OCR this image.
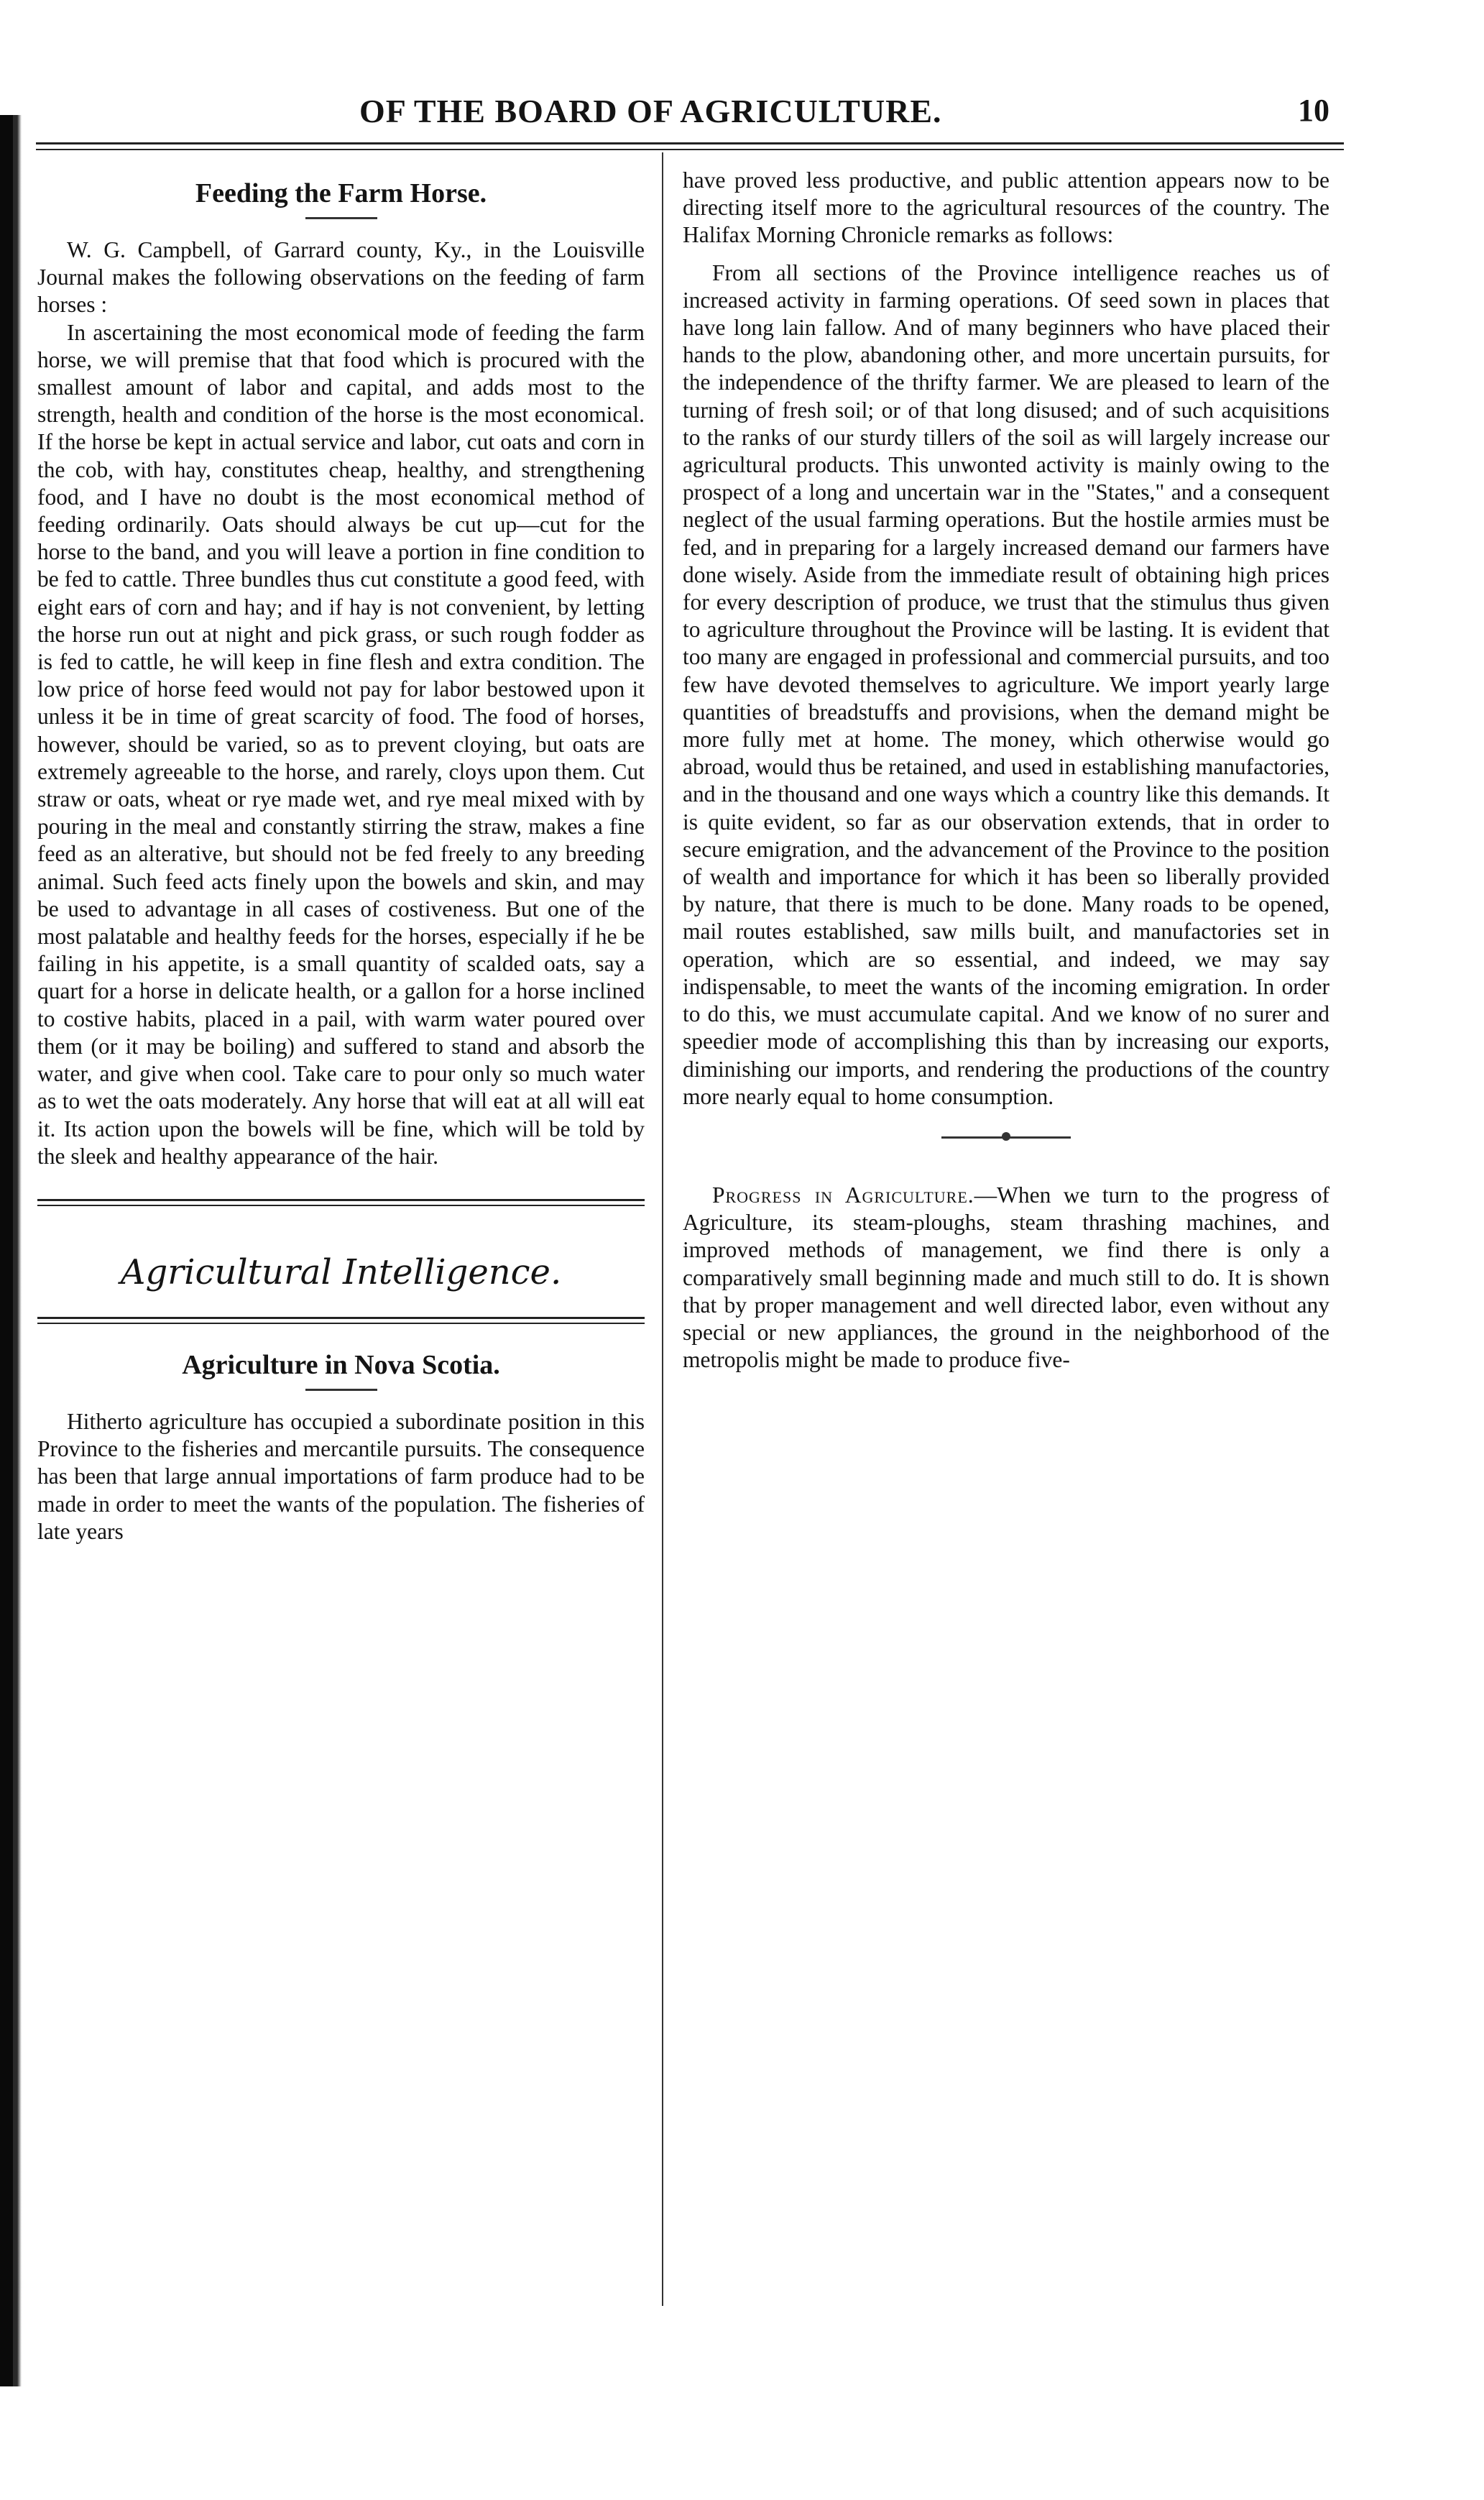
OF THE BOARD OF AGRICULTURE.	10
Feeding the Farm Horse.

W. G. Campbell, of Garrard county, Ky., in the Louisville Journal makes the following observations on the feeding of farm horses :

In ascertaining the most economical mode of feeding the farm horse, we will premise that that food which is procured with the smallest amount of labor and capital, and adds most to the strength, health and condition of the horse is the most economical. If the horse be kept in actual service and labor, cut oats and corn in the cob, with hay, constitutes cheap, healthy, and strengthening food, and I have no doubt is the most economical method of feeding ordinarily. Oats should always be cut up—cut for the horse to the band, and you will leave a portion in fine condition to be fed to cattle. Three bundles thus cut constitute a good feed, with eight ears of corn and hay; and if hay is not convenient, by letting the horse run out at night and pick grass, or such rough fodder as is fed to cattle, he will keep in fine flesh and extra condition. The low price of horse feed would not pay for labor bestowed upon it unless it be in time of great scarcity of food. The food of horses, however, should be varied, so as to prevent cloying, but oats are extremely agreeable to the horse, and rarely, cloys upon them. Cut straw or oats, wheat or rye made wet, and rye meal mixed with by pouring in the meal and constantly stirring the straw, makes a fine feed as an alterative, but should not be fed freely to any breeding animal. Such feed acts finely upon the bowels and skin, and may be used to advantage in all cases of costiveness. But one of the most palatable and healthy feeds for the horses, especially if he be failing in his appetite, is a small quantity of scalded oats, say a quart for a horse in delicate health, or a gallon for a horse inclined to costive habits, placed in a pail, with warm water poured over them (or it may be boiling) and suffered to stand and absorb the water, and give when cool. Take care to pour only so much water as to wet the oats moderately. Any horse that will eat at all will eat it. Its action upon the bowels will be fine, which will be told by the sleek and healthy appearance of the hair.

Agricultural Intelligence.
Agriculture in Nova Scotia.

Hitherto agriculture has occupied a subordinate position in this Province to the fisheries and mercantile pursuits. The consequence has been that large annual importations of farm produce had to be made in order to meet the wants of the population. The fisheries of late years

have proved less productive, and public attention appears now to be directing itself more to the agricultural resources of the country. The Halifax Morning Chronicle remarks as follows:

From all sections of the Province intelligence reaches us of increased activity in farming operations. Of seed sown in places that have long lain fallow. And of many beginners who have placed their hands to the plow, abandoning other, and more uncertain pursuits, for the independence of the thrifty farmer. We are pleased to learn of the turning of fresh soil; or of that long disused; and of such acquisitions to the ranks of our sturdy tillers of the soil as will largely increase our agricultural products. This unwonted activity is mainly owing to the prospect of a long and uncertain war in the "States," and a consequent neglect of the usual farming operations. But the hostile armies must be fed, and in preparing for a largely increased demand our farmers have done wisely. Aside from the immediate result of obtaining high prices for every description of produce, we trust that the stimulus thus given to agriculture throughout the Province will be lasting. It is evident that too many are engaged in professional and commercial pursuits, and too few have devoted themselves to agriculture. We import yearly large quantities of breadstuffs and provisions, when the demand might be more fully met at home. The money, which otherwise would go abroad, would thus be retained, and used in establishing manufactories, and in the thousand and one ways which a country like this demands. It is quite evident, so far as our observation extends, that in order to secure emigration, and the advancement of the Province to the position of wealth and importance for which it has been so liberally provided by nature, that there is much to be done. Many roads to be opened, mail routes established, saw mills built, and manufactories set in operation, which are so essential, and indeed, we may say indispensable, to meet the wants of the incoming emigration. In order to do this, we must accumulate capital. And we know of no surer and speedier mode of accomplishing this than by increasing our exports, diminishing our imports, and rendering the productions of the country more nearly equal to home consumption.

Progress in Agriculture.—When we turn to the progress of Agriculture, its steam-ploughs, steam thrashing machines, and improved methods of management, we find there is only a comparatively small beginning made and much still to do. It is shown that by proper management and well directed labor, even without any special or new appliances, the ground in the neighborhood of the metropolis might be made to produce five-
